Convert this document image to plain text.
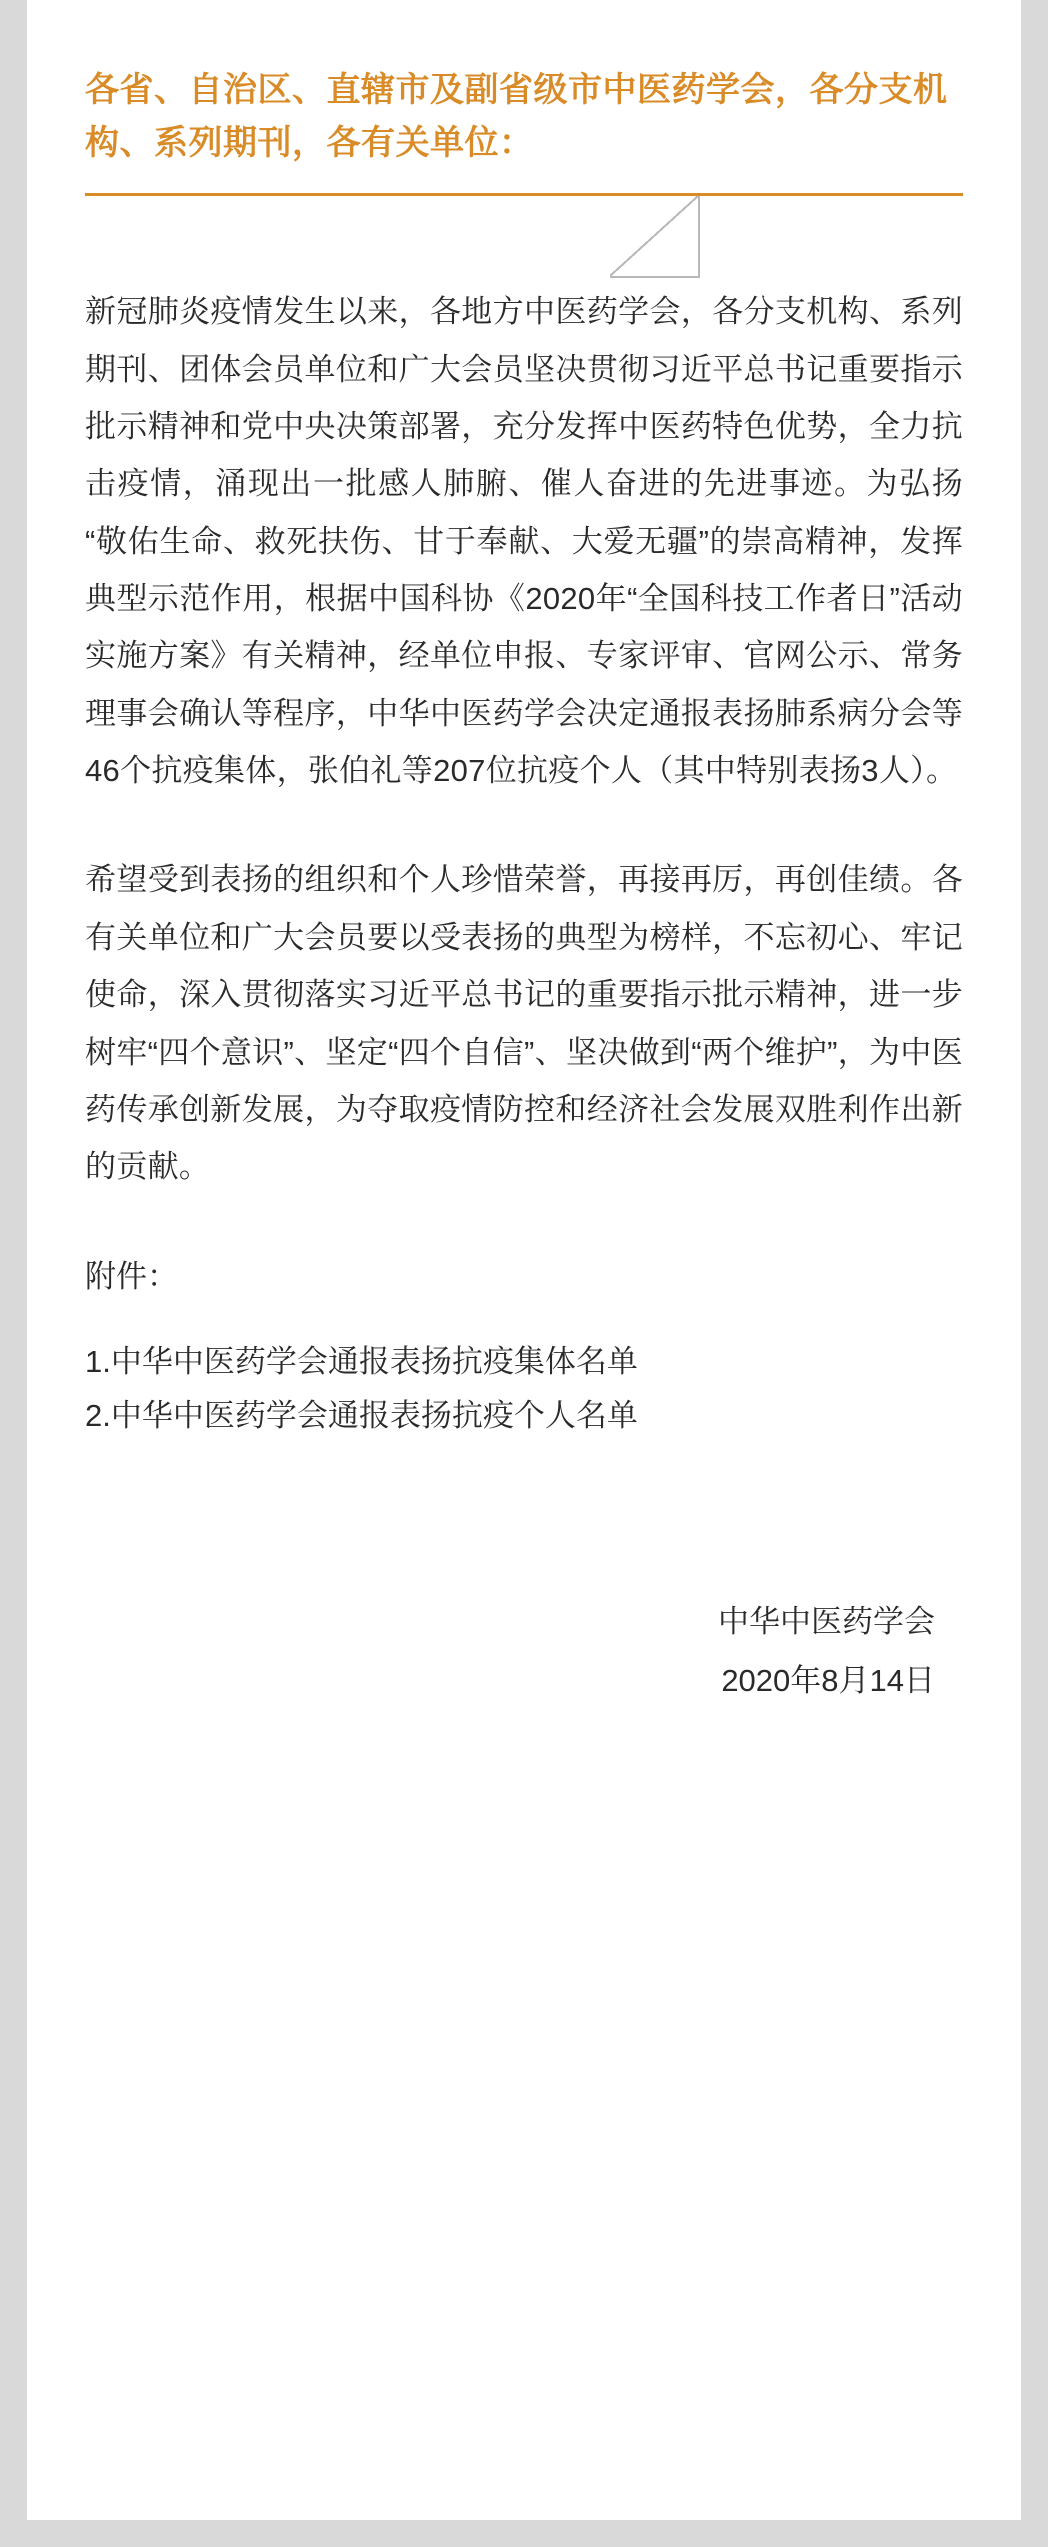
各省、自治区、直辖市及副省级市中医药学会，各分支机构、系列期刊，各有关单位：

新冠肺炎疫情发生以来，各地方中医药学会，各分支机构、系列期刊、团体会员单位和广大会员坚决贯彻习近平总书记重要指示批示精神和党中央决策部署，充分发挥中医药特色优势，全力抗击疫情，涌现出一批感人肺腑、催人奋进的先进事迹。为弘扬“敬佑生命、救死扶伤、甘于奉献、大爱无疆”的崇高精神，发挥典型示范作用，根据中国科协《2020年“全国科技工作者日”活动实施方案》有关精神，经单位申报、专家评审、官网公示、常务理事会确认等程序，中华中医药学会决定通报表扬肺系病分会等46个抗疫集体，张伯礼等207位抗疫个人（其中特别表扬3人）。

希望受到表扬的组织和个人珍惜荣誉，再接再厉，再创佳绩。各有关单位和广大会员要以受表扬的典型为榜样，不忘初心、牢记使命，深入贯彻落实习近平总书记的重要指示批示精神，进一步树牢“四个意识”、坚定“四个自信”、坚决做到“两个维护”，为中医药传承创新发展，为夺取疫情防控和经济社会发展双胜利作出新的贡献。

附件：

1.中华中医药学会通报表扬抗疫集体名单

2.中华中医药学会通报表扬抗疫个人名单

中华中医药学会
2020年8月14日
